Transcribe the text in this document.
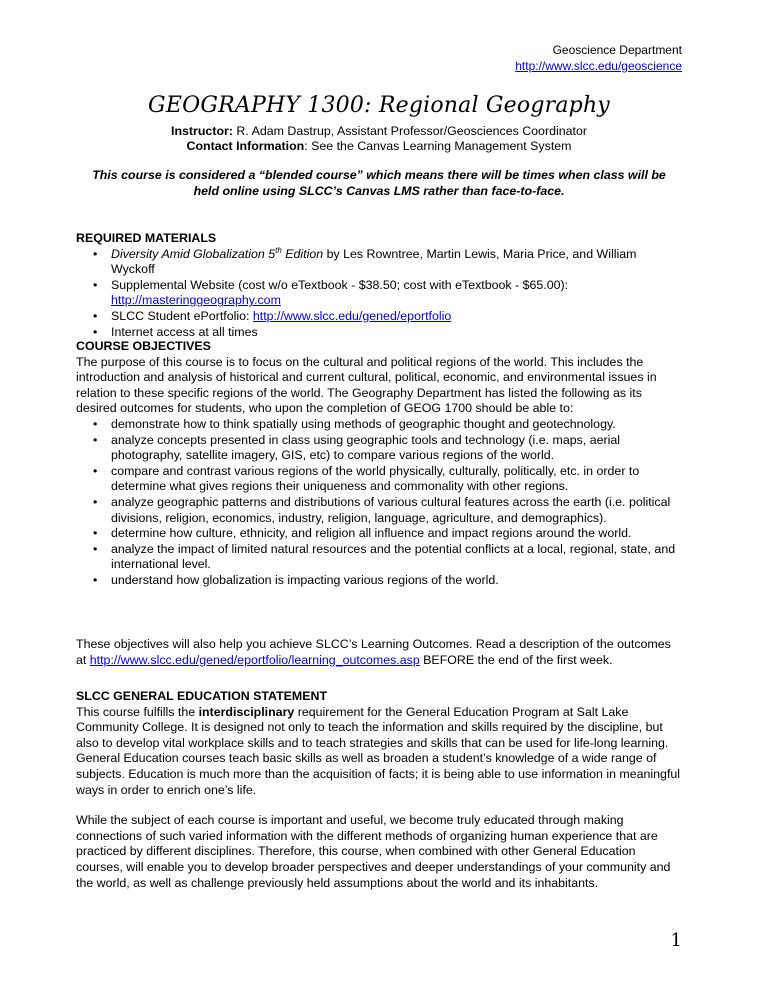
Geoscience Department
http://www.slcc.edu/geoscience
GEOGRAPHY 1300: Regional Geography
Instructor: R. Adam Dastrup, Assistant Professor/Geosciences Coordinator
Contact Information: See the Canvas Learning Management System
This course is considered a “blended course” which means there will be times when class will be held online using SLCC’s Canvas LMS rather than face-to-face.
REQUIRED MATERIALS
• Diversity Amid Globalization 5th Edition by Les Rowntree, Martin Lewis, Maria Price, and William Wyckoff
• Supplemental Website (cost w/o eTextbook - $38.50; cost with eTextbook - $65.00): http://masteringgeography.com
• SLCC Student ePortfolio: http://www.slcc.edu/gened/eportfolio
• Internet access at all times
COURSE OBJECTIVES

The purpose of this course is to focus on the cultural and political regions of the world. This includes the introduction and analysis of historical and current cultural, political, economic, and environmental issues in relation to these specific regions of the world. The Geography Department has listed the following as its desired outcomes for students, who upon the completion of GEOG 1700 should be able to:

• demonstrate how to think spatially using methods of geographic thought and geotechnology.
• analyze concepts presented in class using geographic tools and technology (i.e. maps, aerial photography, satellite imagery, GIS, etc) to compare various regions of the world.
• compare and contrast various regions of the world physically, culturally, politically, etc. in order to determine what gives regions their uniqueness and commonality with other regions.
• analyze geographic patterns and distributions of various cultural features across the earth (i.e. political divisions, religion, economics, industry, religion, language, agriculture, and demographics).
• determine how culture, ethnicity, and religion all influence and impact regions around the world.
• analyze the impact of limited natural resources and the potential conflicts at a local, regional, state, and international level.
• understand how globalization is impacting various regions of the world.
These objectives will also help you achieve SLCC’s Learning Outcomes. Read a description of the outcomes at http://www.slcc.edu/gened/eportfolio/learning_outcomes.asp BEFORE the end of the first week.
SLCC GENERAL EDUCATION STATEMENT

This course fulfills the interdisciplinary requirement for the General Education Program at Salt Lake Community College. It is designed not only to teach the information and skills required by the discipline, but also to develop vital workplace skills and to teach strategies and skills that can be used for life-long learning. General Education courses teach basic skills as well as broaden a student’s knowledge of a wide range of subjects. Education is much more than the acquisition of facts; it is being able to use information in meaningful ways in order to enrich one’s life.

While the subject of each course is important and useful, we become truly educated through making connections of such varied information with the different methods of organizing human experience that are practiced by different disciplines. Therefore, this course, when combined with other General Education courses, will enable you to develop broader perspectives and deeper understandings of your community and the world, as well as challenge previously held assumptions about the world and its inhabitants.

1
